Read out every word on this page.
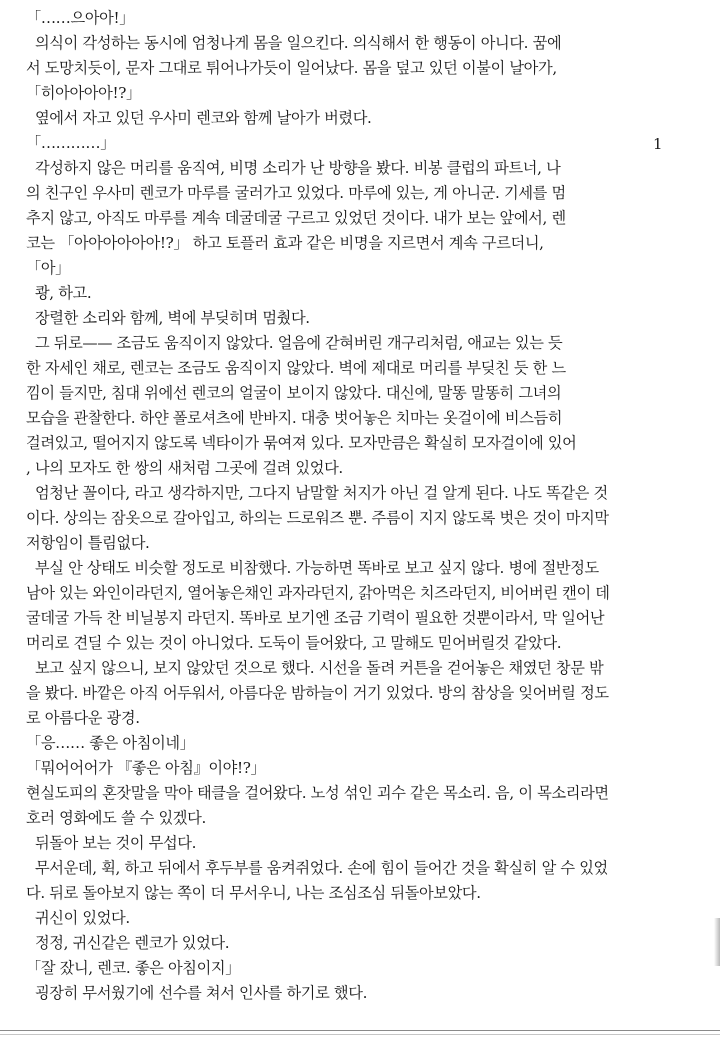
「……으아아!」
의식이 각성하는 동시에 엄청나게 몸을 일으킨다. 의식해서 한 행동이 아니다. 꿈에
서 도망치듯이, 문자 그대로 튀어나가듯이 일어났다. 몸을 덮고 있던 이불이 날아가,
「히아아아아!?」
옆에서 자고 있던 우사미 렌코와 함께 날아가 버렸다.
「…………」
각성하지 않은 머리를 움직여, 비명 소리가 난 방향을 봤다. 비봉 클럽의 파트너, 나
의 친구인 우사미 렌코가 마루를 굴러가고 있었다. 마루에 있는, 게 아니군. 기세를 멈
추지 않고, 아직도 마루를 계속 데굴데굴 구르고 있었던 것이다. 내가 보는 앞에서, 렌
코는 「아아아아아아!?」 하고 토플러 효과 같은 비명을 지르면서 계속 구르더니,
「아」
쾅, 하고.
장렬한 소리와 함께, 벽에 부딪히며 멈췄다.
그 뒤로—— 조금도 움직이지 않았다. 얼음에 갇혀버린 개구리처럼, 애교는 있는 듯
한 자세인 채로, 렌코는 조금도 움직이지 않았다. 벽에 제대로 머리를 부딪친 듯 한 느
낌이 들지만, 침대 위에선 렌코의 얼굴이 보이지 않았다. 대신에, 말똥 말똥히 그녀의
모습을 관찰한다. 하얀 폴로셔츠에 반바지. 대충 벗어놓은 치마는 옷걸이에 비스듬히
걸려있고, 떨어지지 않도록 넥타이가 묶여져 있다. 모자만큼은 확실히 모자걸이에 있어
, 나의 모자도 한 쌍의 새처럼 그곳에 걸려 있었다.
엄청난 꼴이다, 라고 생각하지만, 그다지 남말할 처지가 아닌 걸 알게 된다. 나도 똑같은 것
이다. 상의는 잠옷으로 갈아입고, 하의는 드로워즈 뿐. 주름이 지지 않도록 벗은 것이 마지막
저항임이 틀림없다.
부실 안 상태도 비슷할 정도로 비참했다. 가능하면 똑바로 보고 싶지 않다. 병에 절반정도
남아 있는 와인이라던지, 열어놓은채인 과자라던지, 갉아먹은 치즈라던지, 비어버린 캔이 데
굴데굴 가득 찬 비닐봉지 라던지. 똑바로 보기엔 조금 기력이 필요한 것뿐이라서, 막 일어난
머리로 견딜 수 있는 것이 아니었다. 도둑이 들어왔다, 고 말해도 믿어버릴것 같았다.
보고 싶지 않으니, 보지 않았던 것으로 했다. 시선을 돌려 커튼을 걷어놓은 채였던 창문 밖
을 봤다. 바깥은 아직 어두워서, 아름다운 밤하늘이 거기 있었다. 방의 참상을 잊어버릴 정도
로 아름다운 광경.
「응…… 좋은 아침이네」
「뭐어어어가 『좋은 아침』이야!?」
현실도피의 혼잣말을 막아 태클을 걸어왔다. 노성 섞인 괴수 같은 목소리. 음, 이 목소리라면
호러 영화에도 쓸 수 있겠다.
뒤돌아 보는 것이 무섭다.
무서운데, 휙, 하고 뒤에서 후두부를 움켜쥐었다. 손에 힘이 들어간 것을 확실히 알 수 있었
다. 뒤로 돌아보지 않는 쪽이 더 무서우니, 나는 조심조심 뒤돌아보았다.
귀신이 있었다.
정정, 귀신같은 렌코가 있었다.
「잘 잤니, 렌코. 좋은 아침이지」
굉장히 무서웠기에 선수를 쳐서 인사를 하기로 했다.
1
